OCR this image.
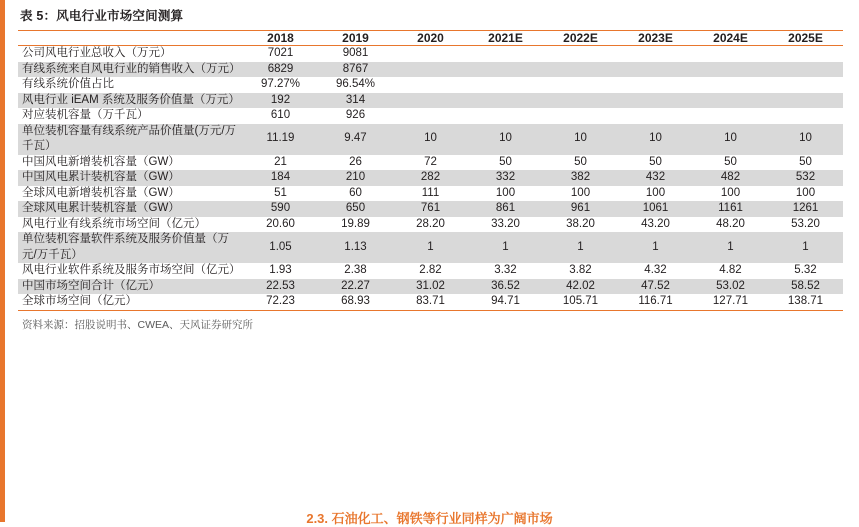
表 5：风电行业市场空间测算
	2018	2019	2020	2021E	2022E	2023E	2024E	2025E
公司风电行业总收入（万元）	7021	9081						
有线系统来自风电行业的销售收入（万元）	6829	8767						
有线系统价值占比	97.27%	96.54%						
风电行业 iEAM 系统及服务价值量（万元）	192	314						
对应装机容量（万千瓦）	610	926						
单位装机容量有线系统产品价值量(万元/万千瓦）	11.19	9.47	10	10	10	10	10	10
中国风电新增装机容量（GW）	21	26	72	50	50	50	50	50
中国风电累计装机容量（GW）	184	210	282	332	382	432	482	532
全球风电新增装机容量（GW）	51	60	111	100	100	100	100	100
全球风电累计装机容量（GW）	590	650	761	861	961	1061	1161	1261
风电行业有线系统市场空间（亿元）	20.60	19.89	28.20	33.20	38.20	43.20	48.20	53.20
单位装机容量软件系统及服务价值量（万元/万千瓦）	1.05	1.13	1	1	1	1	1	1
风电行业软件系统及服务市场空间（亿元）	1.93	2.38	2.82	3.32	3.82	4.32	4.82	5.32
中国市场空间合计（亿元）	22.53	22.27	31.02	36.52	42.02	47.52	53.02	58.52
全球市场空间（亿元）	72.23	68.93	83.71	94.71	105.71	116.71	127.71	138.71
资料来源：招股说明书、CWEA、天风证券研究所
2.3. 石油化工、钢铁等行业同样为广阔市场
